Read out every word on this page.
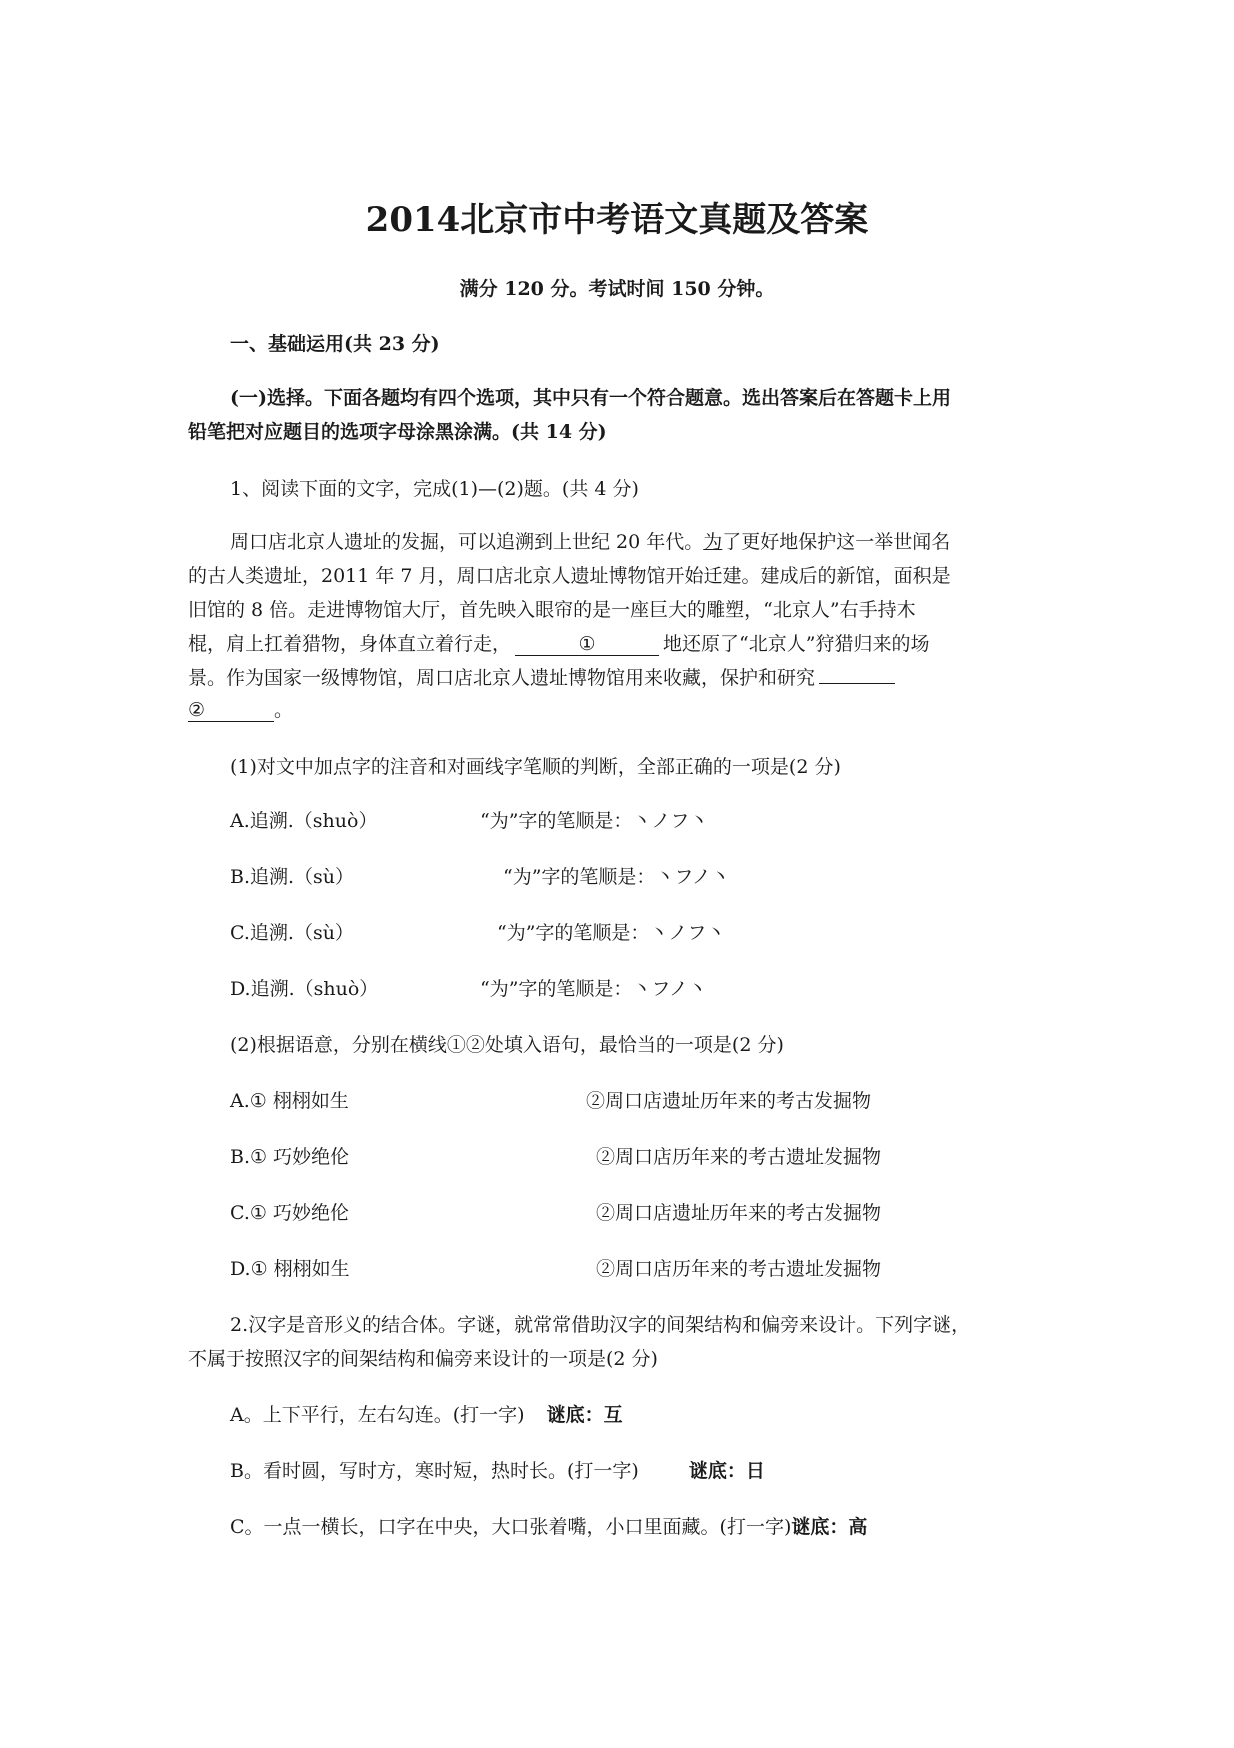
2014北京市中考语文真题及答案
满分 120 分。考试时间 150 分钟。
一、基础运用(共 23 分)
(一)选择。下面各题均有四个选项，其中只有一个符合题意。选出答案后在答题卡上用
铅笔把对应题目的选项字母涂黑涂满。(共 14 分)
1、阅读下面的文字，完成(1)—(2)题。(共 4 分)
周口店北京人遗址的发掘，可以追溯到上世纪 20 年代。为了更好地保护这一举世闻名
的古人类遗址，2011 年 7 月，周口店北京人遗址博物馆开始迁建。建成后的新馆，面积是
旧馆的 8 倍。走进博物馆大厅，首先映入眼帘的是一座巨大的雕塑，“北京人”右手持木
棍，肩上扛着猎物，身体直立着行走，	①	地还原了“北京人”狩猎归来的场
景。作为国家一级博物馆，周口店北京人遗址博物馆用来收藏，保护和研究
②	。
(1)对文中加点字的注音和对画线字笔顺的判断，全部正确的一项是(2 分)
A.追溯.（shuò）	“为”字的笔顺是：丶ノフ丶
B.追溯.（sù）	“为”字的笔顺是：丶フノ丶
C.追溯.（sù）	“为”字的笔顺是：丶ノフ丶
D.追溯.（shuò）	“为”字的笔顺是：丶フノ丶
(2)根据语意，分别在横线①②处填入语句，最恰当的一项是(2 分)
A.① 栩栩如生	②周口店遗址历年来的考古发掘物
B.① 巧妙绝伦	②周口店历年来的考古遗址发掘物
C.① 巧妙绝伦	②周口店遗址历年来的考古发掘物
D.① 栩栩如生	②周口店历年来的考古遗址发掘物
2.汉字是音形义的结合体。字谜，就常常借助汉字的间架结构和偏旁来设计。下列字谜，
不属于按照汉字的间架结构和偏旁来设计的一项是(2 分)
A。上下平行，左右勾连。(打一字) 谜底：互
B。看时圆，写时方，寒时短，热时长。(打一字)	谜底：日
C。一点一横长，口字在中央，大口张着嘴，小口里面藏。(打一字)谜底：高
